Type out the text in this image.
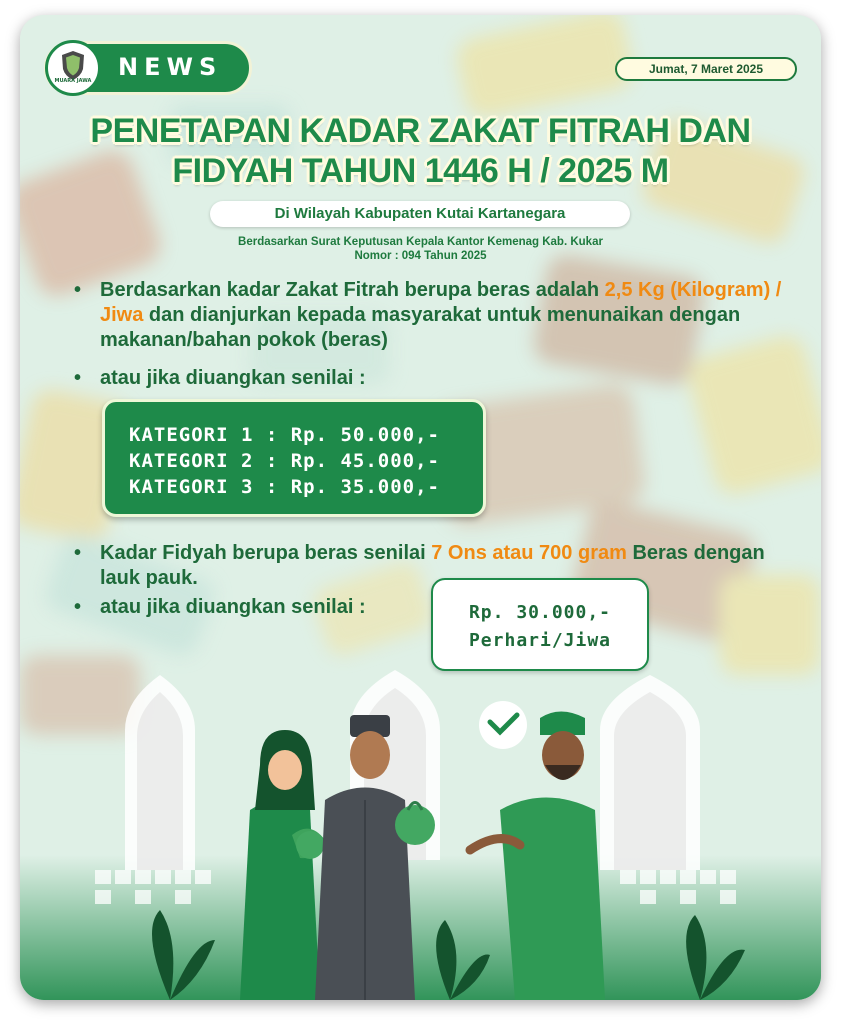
MUARA JAWA	NEWS	Jumat, 7 Maret 2025
PENETAPAN KADAR ZAKAT FITRAH DAN
FIDYAH TAHUN 1446 H / 2025 M
Di Wilayah Kabupaten Kutai Kartanegara
Berdasarkan Surat Keputusan Kepala Kantor Kemenag Kab. Kukar
Nomor : 094 Tahun 2025
• Berdasarkan kadar Zakat Fitrah berupa beras adalah 2,5 Kg (Kilogram) / Jiwa dan dianjurkan kepada masyarakat untuk menunaikan dengan makanan/bahan pokok (beras)
• atau jika diuangkan senilai :
KATEGORI 1 : Rp. 50.000,-
KATEGORI 2 : Rp. 45.000,-
KATEGORI 3 : Rp. 35.000,-
• Kadar Fidyah berupa beras senilai 7 Ons atau 700 gram Beras dengan lauk pauk.
• atau jika diuangkan senilai :	Rp. 30.000,-
Perhari/Jiwa
